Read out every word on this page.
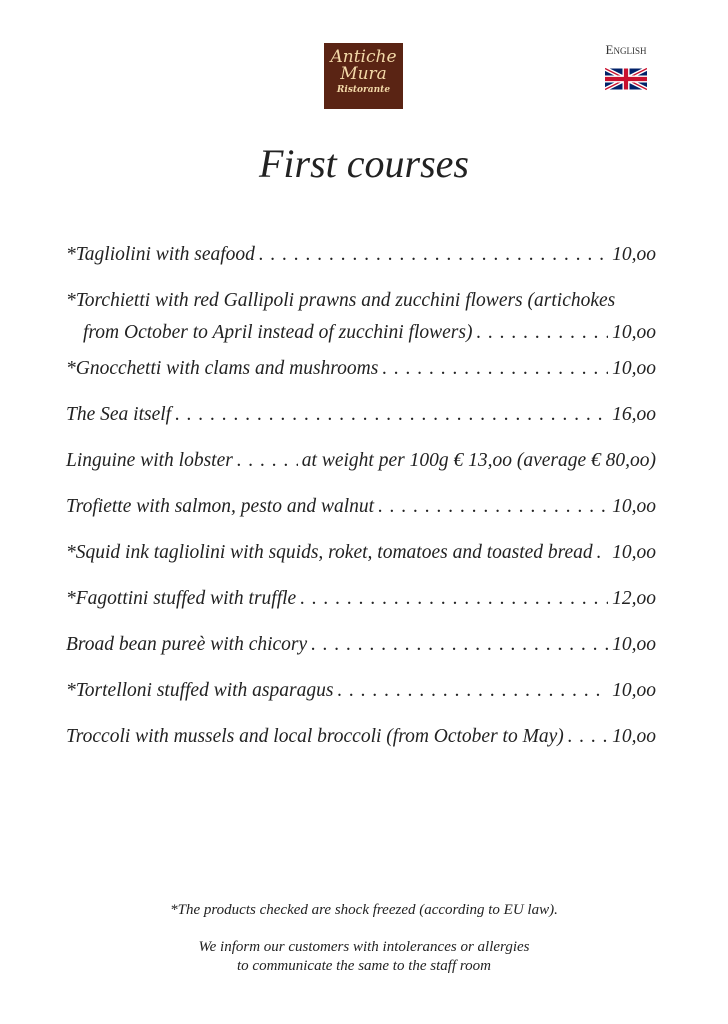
Antiche
Mura
Ristorante
English
First courses
*Tagliolini with seafood . . .	10,oo
*Torchietti with red Gallipoli prawns and zucchini flowers (artichokes
from October to April instead of zucchini flowers) . . .	10,oo
*Gnocchetti with clams and mushrooms . . .	10,oo
The Sea itself . . .	16,oo
Linguine with lobster . . .	at weight per 100g € 13,oo (average € 80,oo)
Trofiette with salmon, pesto and walnut . . .	10,oo
*Squid ink tagliolini with squids, roket, tomatoes and toasted bread . . . 10,oo
*Fagottini stuffed with truffle . . .	12,oo
Broad bean pureè with chicory . . .	10,oo
*Tortelloni stuffed with asparagus . . .	10,oo
Troccoli with mussels and local broccoli (from October to May) . . . 10,oo
*The products checked are shock freezed (according to EU law).
We inform our customers with intolerances or allergies
to communicate the same to the staff room
